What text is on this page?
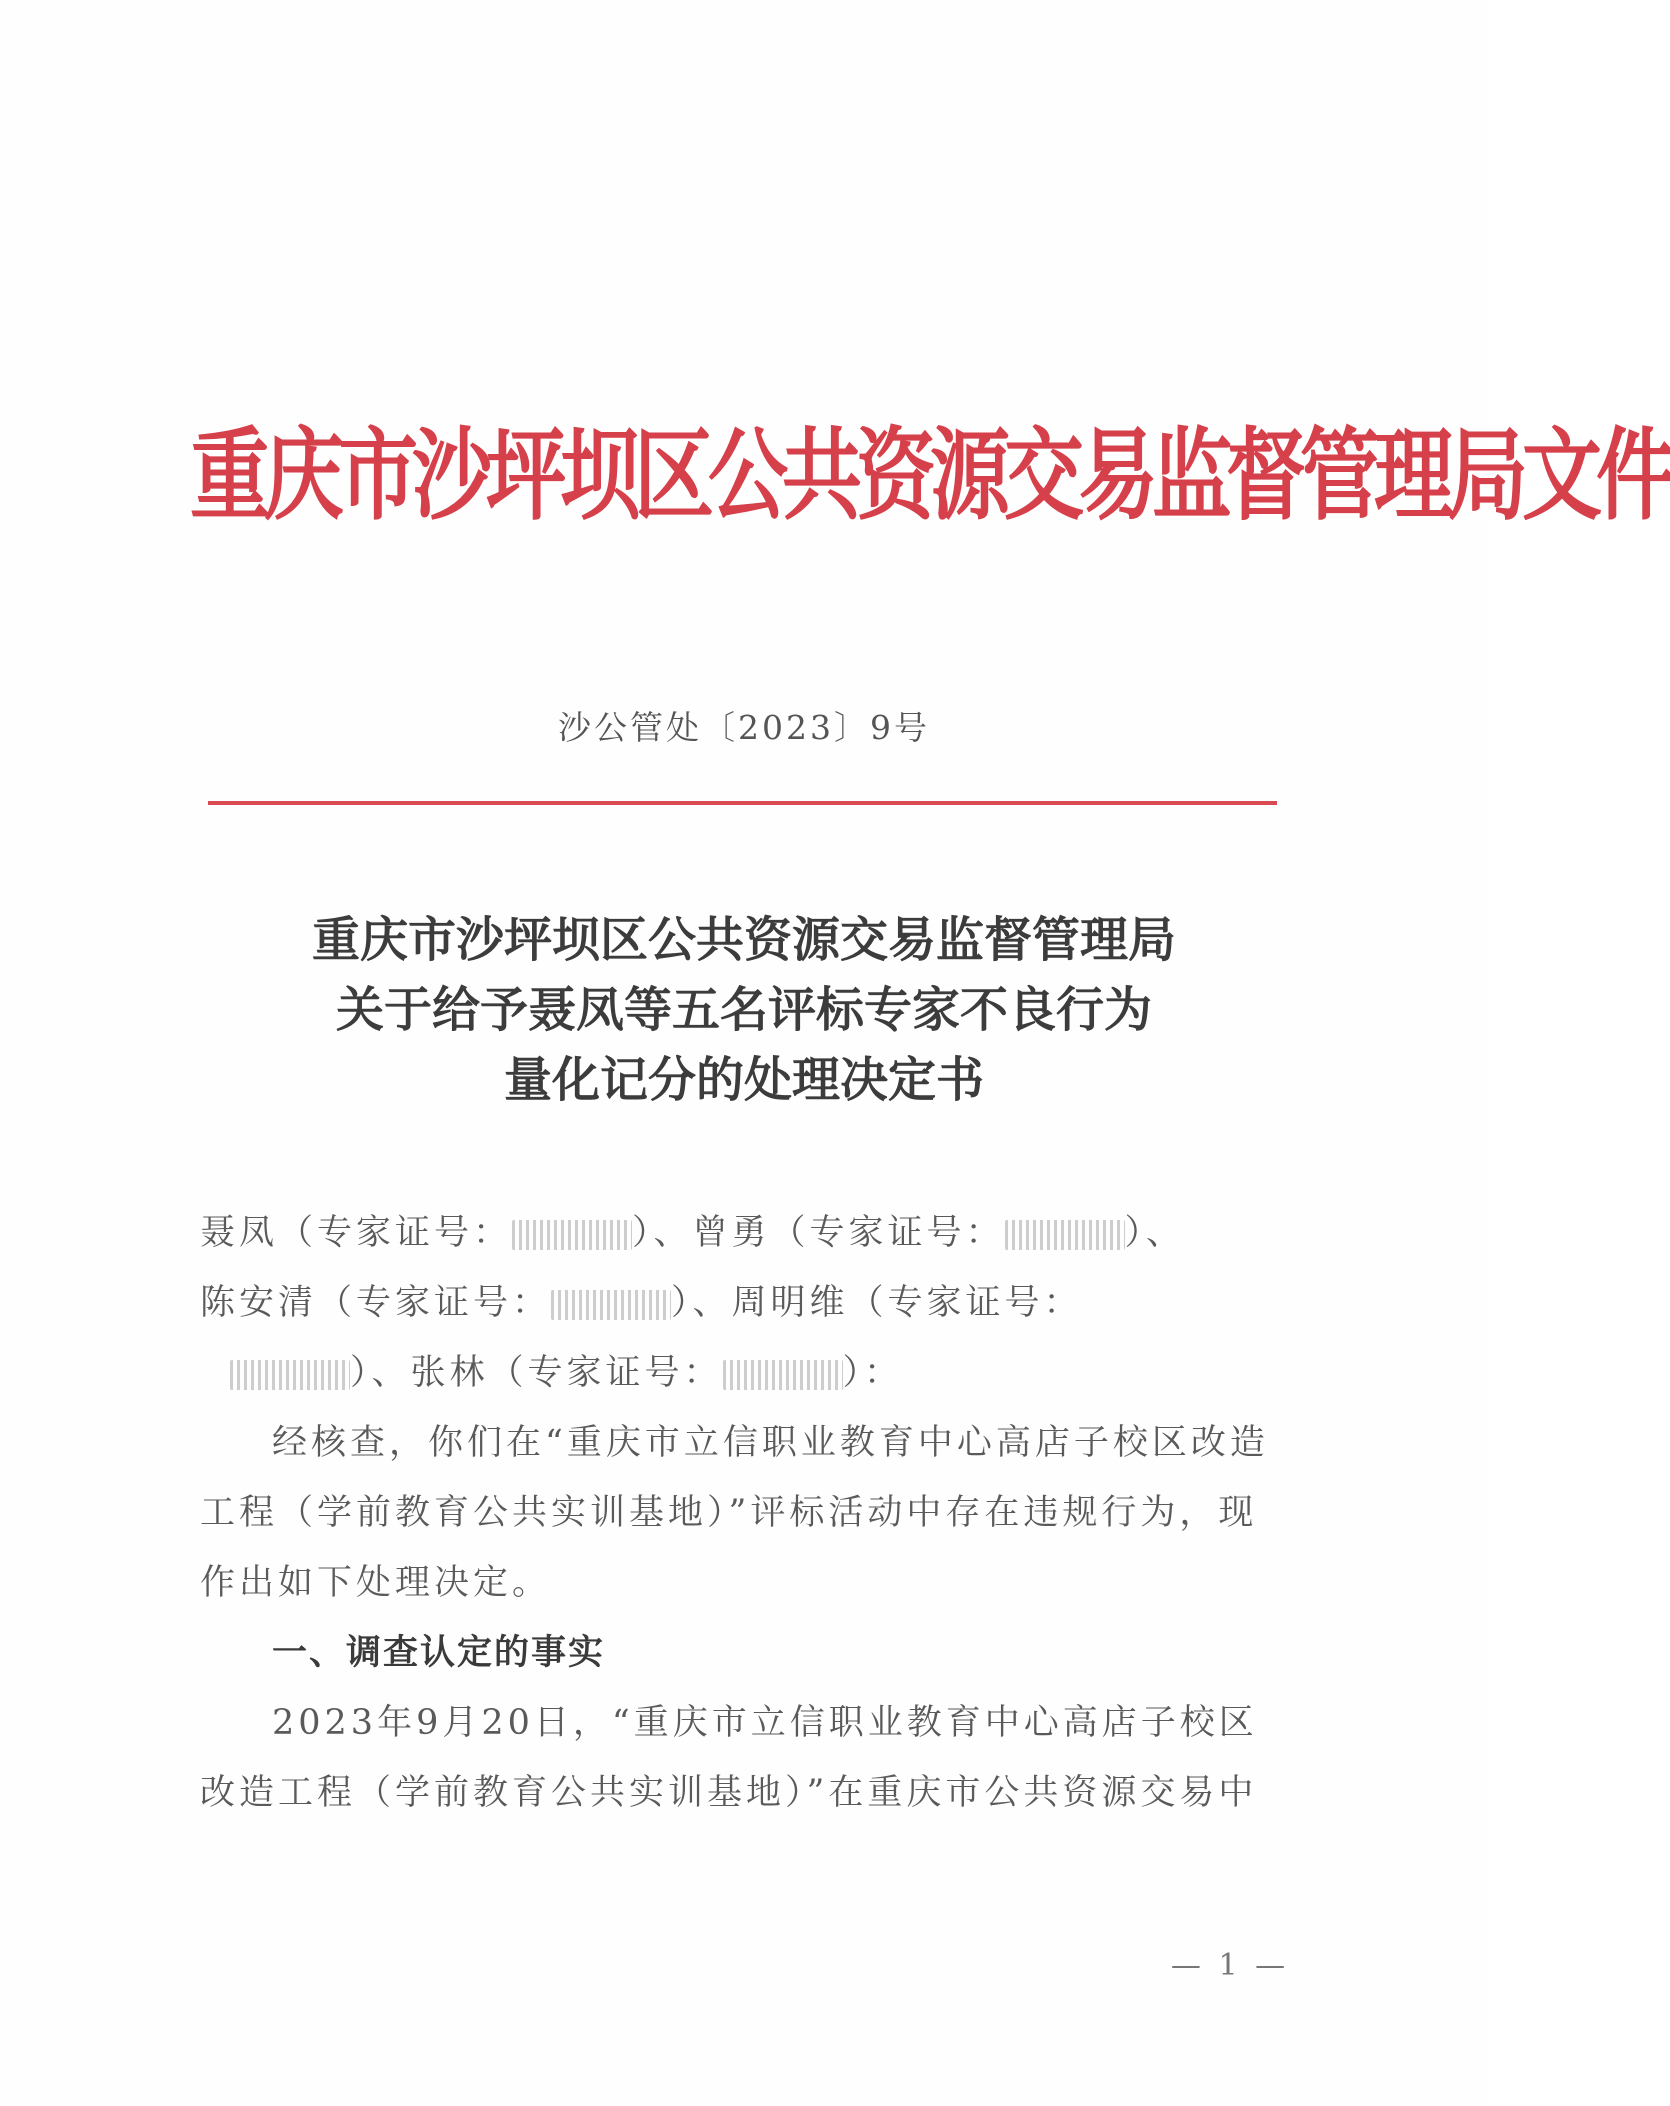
重庆市沙坪坝区公共资源交易监督管理局文件
沙公管处〔2023〕9号
重庆市沙坪坝区公共资源交易监督管理局
关于给予聂凤等五名评标专家不良行为
量化记分的处理决定书

聂凤（专家证号：	）、曾勇（专家证号：	）、
陈安清（专家证号：	）、周明维（专家证号：
）、张林（专家证号：	）：

经核查，你们在“重庆市立信职业教育中心高店子校区改造工程（学前教育公共实训基地）”评标活动中存在违规行为，现作出如下处理决定。

一、调查认定的事实

2023年9月20日，“重庆市立信职业教育中心高店子校区改造工程（学前教育公共实训基地）”在重庆市公共资源交易中

— 1 —
